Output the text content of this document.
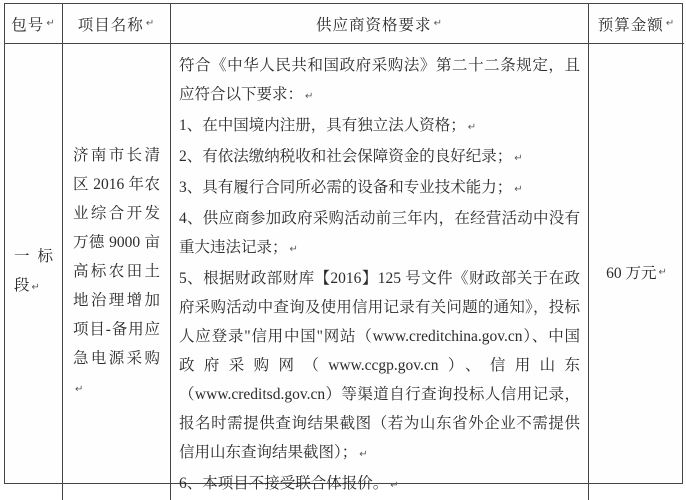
包号 ↵ 项目名称 ↵	供应商资格要求 ↵	预算金额 ↵
一标段 ↵
济南市长清区 2016 年农业综合开发万德 9000 亩高标农田土地治理增加项目-备用应急电源采购↵

符合《中华人民共和国政府采购法》第二十二条规定，且应符合以下要求： ↵

1、在中国境内注册，具有独立法人资格； ↵

2、有依法缴纳税收和社会保障资金的良好纪录； ↵

3、具有履行合同所必需的设备和专业技术能力； ↵

4、供应商参加政府采购活动前三年内，在经营活动中没有重大违法记录； ↵

5、根据财政部财库【2016】125 号文件《财政部关于在政府采购活动中查询及使用信用记录有关问题的通知》，投标人应登录"信用中国"网站（www.creditchina.gov.cn）、中国政府采购网（www.ccgp.gov.cn）、信用山东（www.creditsd.gov.cn）等渠道自行查询投标人信用记录，报名时需提供查询结果截图（若为山东省外企业不需提供信用山东查询结果截图）； ↵

6、本项目不接受联合体报价。 ↵

60 万元 ↵
